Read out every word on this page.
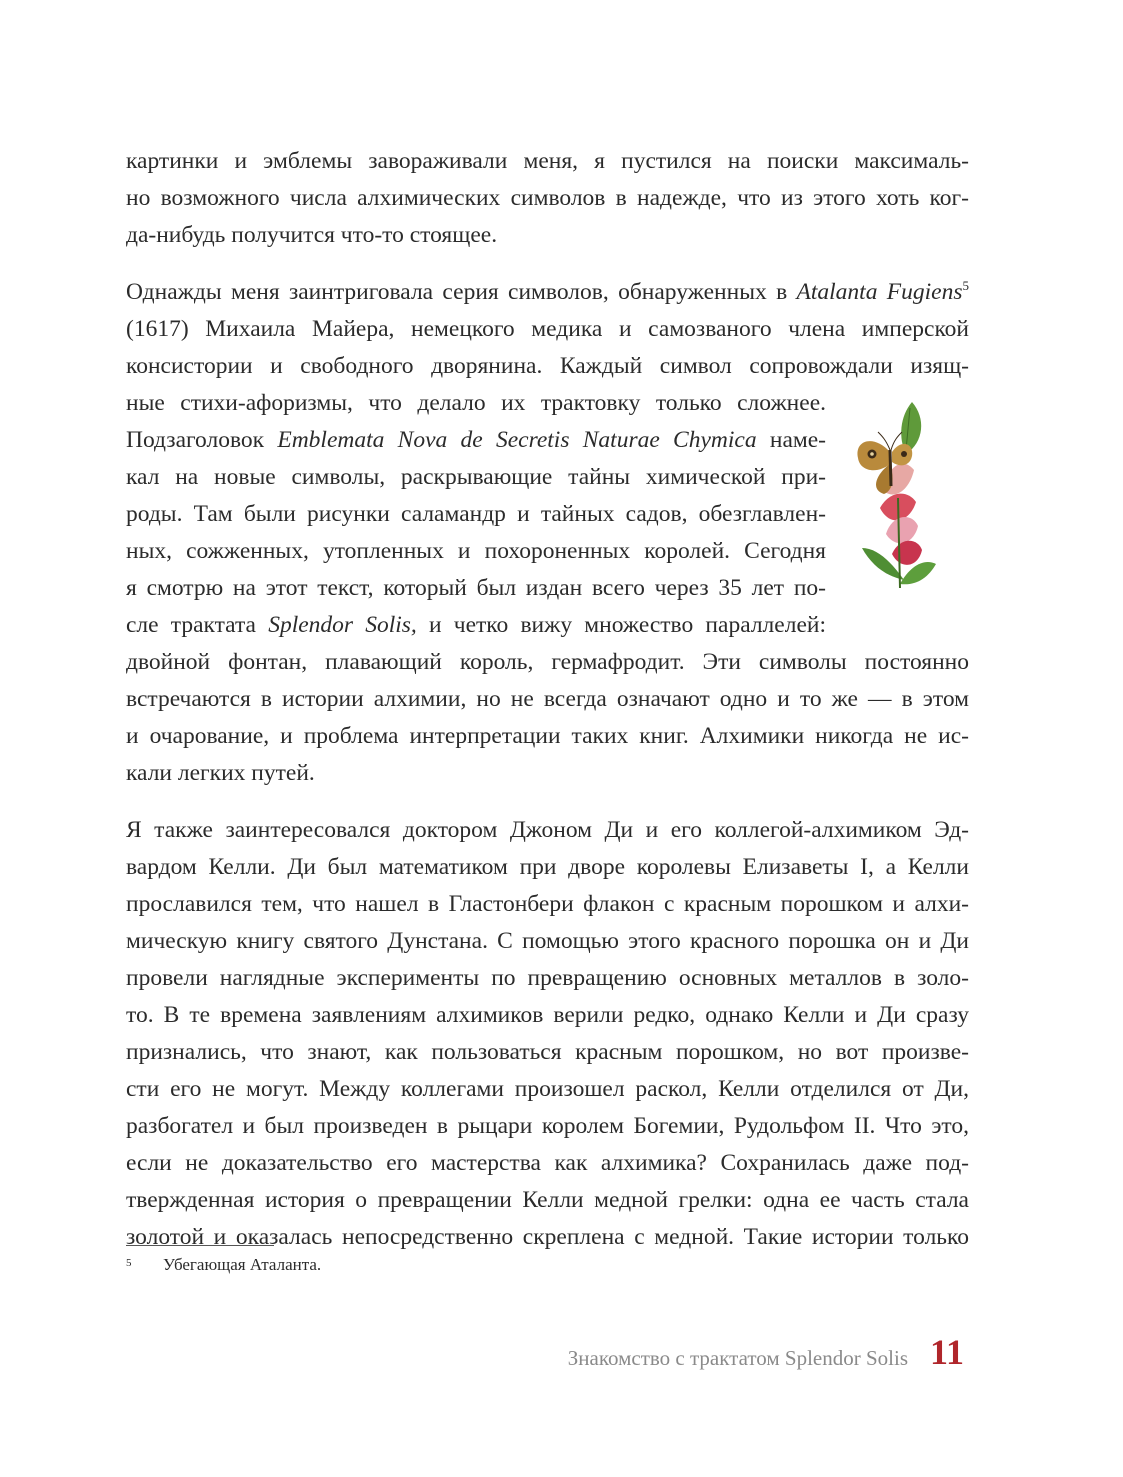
картинки и эмблемы завораживали меня, я пустился на поиски максималь-
но возможного числа алхимических символов в надежде, что из этого хоть ког-
да-нибудь получится что-то стоящее.
Однажды меня заинтриговала серия символов, обнаруженных в Atalanta Fugiens$^5$
(1617) Михаила Майера, немецкого медика и самозваного члена имперской
консистории и свободного дворянина. Каждый символ сопровождали изящ-
ные стихи-афоризмы, что делало их трактовку только сложнее.
Подзаголовок Emblemata Nova de Secretis Naturae Chymica наме-
кал на новые символы, раскрывающие тайны химической при-
роды. Там были рисунки саламандр и тайных садов, обезглавлен-
ных, сожженных, утопленных и похороненных королей. Сегодня
я смотрю на этот текст, который был издан всего через 35 лет по-
сле трактата Splendor Solis, и четко вижу множество параллелей:
двойной фонтан, плавающий король, гермафродит. Эти символы постоянно
встречаются в истории алхимии, но не всегда означают одно и то же — в этом
и очарование, и проблема интерпретации таких книг. Алхимики никогда не ис-
кали легких путей.
Я также заинтересовался доктором Джоном Ди и его коллегой-алхимиком Эд-
вардом Келли. Ди был математиком при дворе королевы Елизаветы I, а Келли
прославился тем, что нашел в Гластонбери флакон с красным порошком и алхи-
мическую книгу святого Дунстана. С помощью этого красного порошка он и Ди
провели наглядные эксперименты по превращению основных металлов в золо-
то. В те времена заявлениям алхимиков верили редко, однако Келли и Ди сразу
признались, что знают, как пользоваться красным порошком, но вот произве-
сти его не могут. Между коллегами произошел раскол, Келли отделился от Ди,
разбогател и был произведен в рыцари королем Богемии, Рудольфом II. Что это,
если не доказательство его мастерства как алхимика? Сохранилась даже под-
твержденная история о превращении Келли медной грелки: одна ее часть стала
золотой и оказалась непосредственно скреплена с медной. Такие истории только
5 Убегающая Аталанта.
Знакомство с трактатом Splendor Solis 11
